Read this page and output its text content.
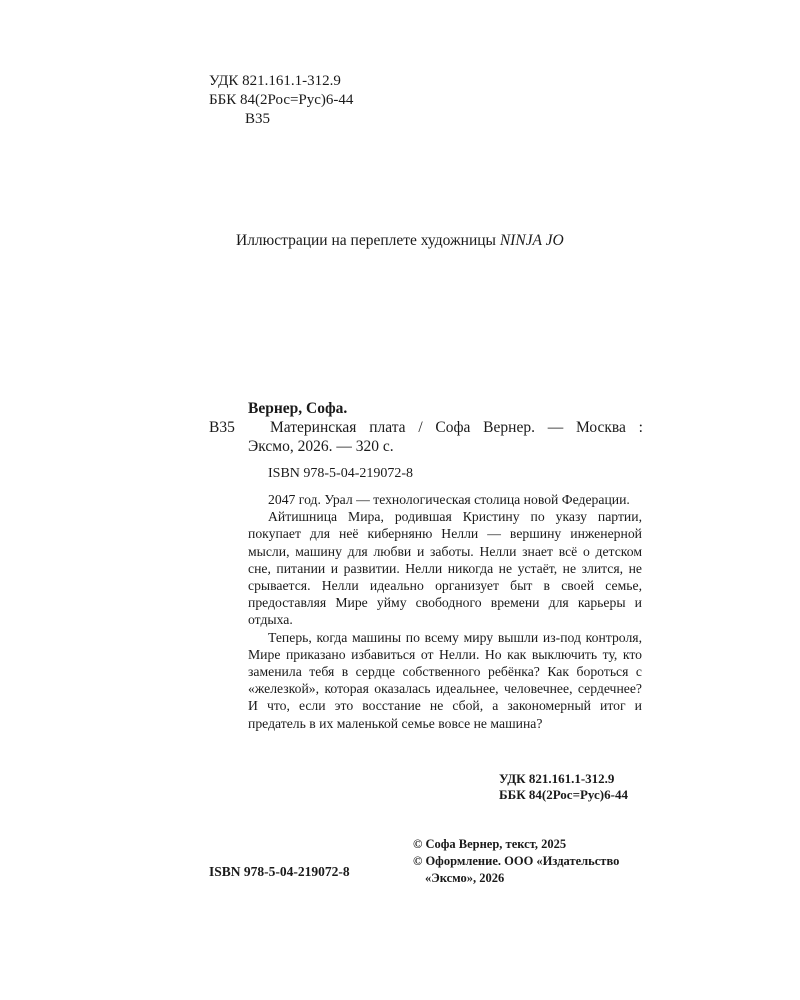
УДК 821.161.1-312.9
ББК 84(2Рос=Рус)6-44
В35
Иллюстрации на переплете художницы NINJA JO
Вернер, Софа.
В35	Материнская плата / Софа Вернер. — Москва :
Эксмо, 2026. — 320 с.
ISBN 978-5-04-219072-8

2047 год. Урал — технологическая столица новой Федерации.

Айтишница Мира, родившая Кристину по указу партии, покупает для неё киберняню Нелли — вершину инженерной мысли, машину для любви и заботы. Нелли знает всё о детском сне, питании и развитии. Нелли никогда не устаёт, не злится, не срывается. Нелли идеально организует быт в своей семье, предоставляя Мире уйму свободного времени для карьеры и отдыха.

Теперь, когда машины по всему миру вышли из-под контроля, Мире приказано избавиться от Нелли. Но как выключить ту, кто заменила тебя в сердце собственного ребёнка? Как бороться с «железкой», которая оказалась идеальнее, человечнее, сердечнее? И что, если это восстание не сбой, а закономерный итог и предатель в их маленькой семье вовсе не машина?

УДК 821.161.1-312.9
ББК 84(2Рос=Рус)6-44
© Софа Вернер, текст, 2025
© Оформление. ООО «Издательство «Эксмо», 2026
ISBN 978-5-04-219072-8
